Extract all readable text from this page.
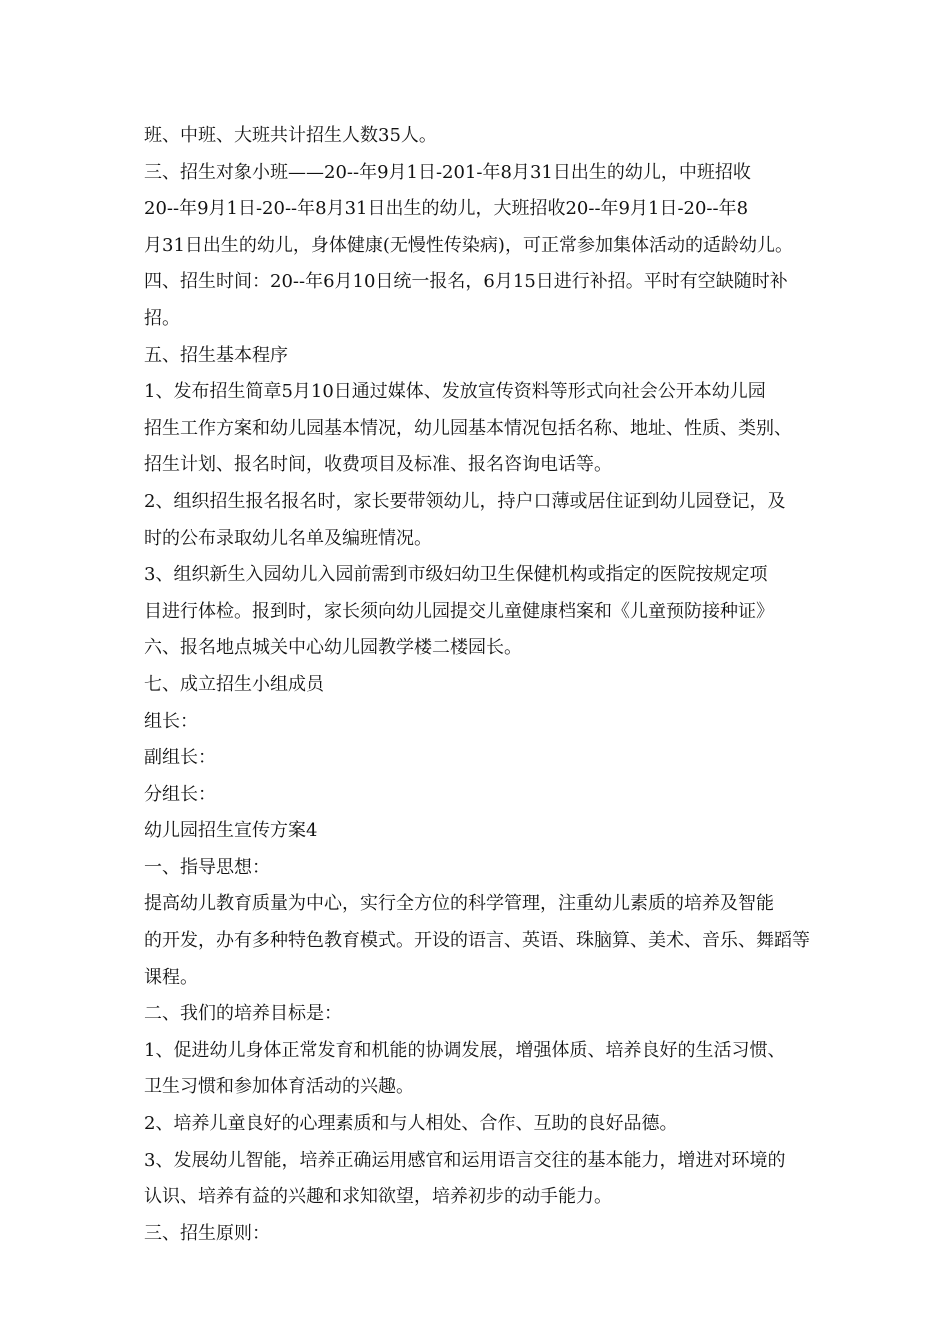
班、中班、大班共计招生人数35人。

三、招生对象小班——20--年9月1日-201-年8月31日出生的幼儿，中班招收

20--年9月1日-20--年8月31日出生的幼儿，大班招收20--年9月1日-20--年8

月31日出生的幼儿，身体健康(无慢性传染病)，可正常参加集体活动的适龄幼儿。

四、招生时间：20--年6月10日统一报名，6月15日进行补招。平时有空缺随时补

招。

五、招生基本程序

1、发布招生简章5月10日通过媒体、发放宣传资料等形式向社会公开本幼儿园

招生工作方案和幼儿园基本情况，幼儿园基本情况包括名称、地址、性质、类别、

招生计划、报名时间，收费项目及标准、报名咨询电话等。

2、组织招生报名报名时，家长要带领幼儿，持户口薄或居住证到幼儿园登记，及

时的公布录取幼儿名单及编班情况。

3、组织新生入园幼儿入园前需到市级妇幼卫生保健机构或指定的医院按规定项

目进行体检。报到时，家长须向幼儿园提交儿童健康档案和《儿童预防接种证》

六、报名地点城关中心幼儿园教学楼二楼园长。

七、成立招生小组成员

组长：

副组长：

分组长：

幼儿园招生宣传方案4

一、指导思想：

提高幼儿教育质量为中心，实行全方位的科学管理，注重幼儿素质的培养及智能

的开发，办有多种特色教育模式。开设的语言、英语、珠脑算、美术、音乐、舞蹈等

课程。

二、我们的培养目标是：

1、促进幼儿身体正常发育和机能的协调发展，增强体质、培养良好的生活习惯、

卫生习惯和参加体育活动的兴趣。

2、培养儿童良好的心理素质和与人相处、合作、互助的良好品德。

3、发展幼儿智能，培养正确运用感官和运用语言交往的基本能力，增进对环境的

认识、培养有益的兴趣和求知欲望，培养初步的动手能力。

三、招生原则：
